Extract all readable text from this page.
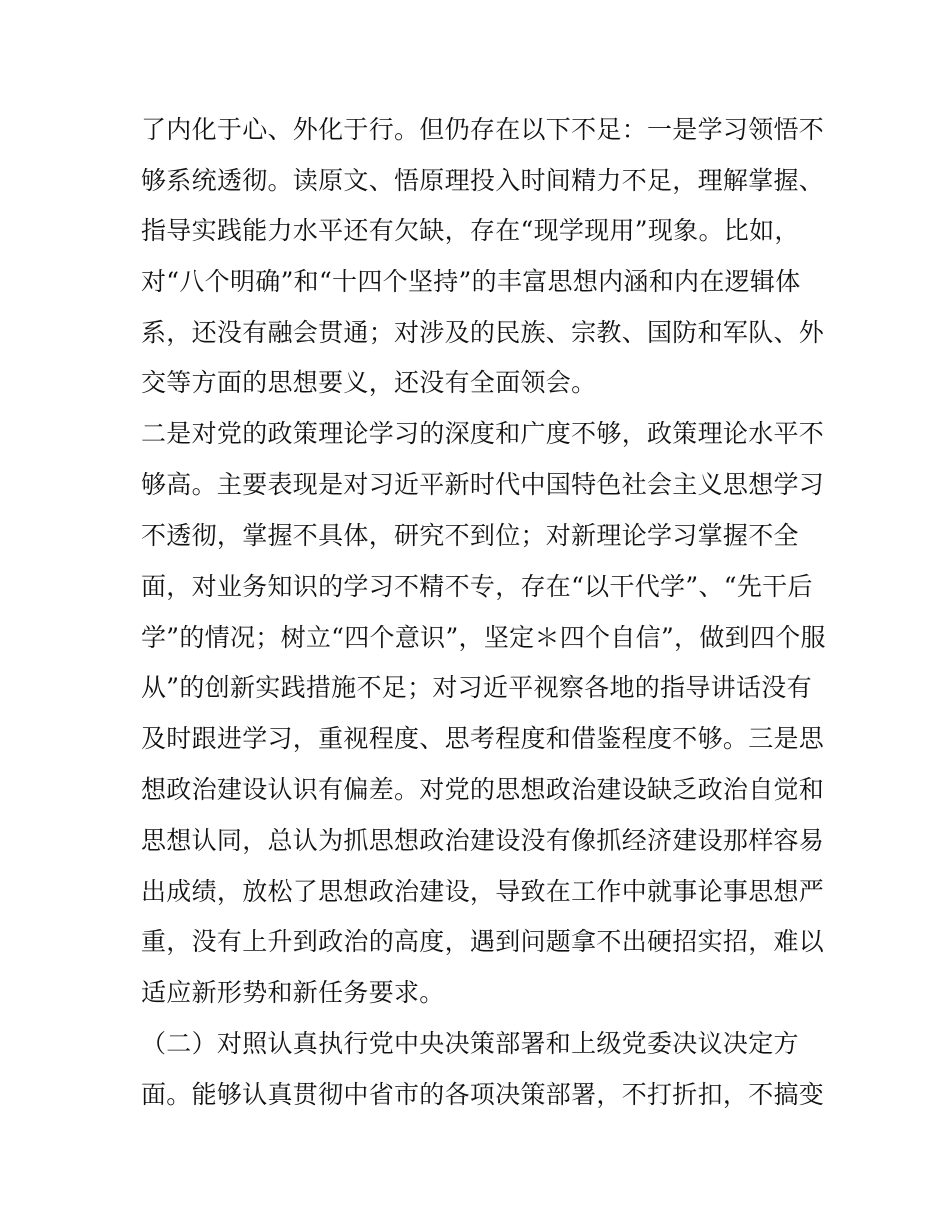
了内化于心、外化于行。但仍存在以下不足：一是学习领悟不
够系统透彻。读原文、悟原理投入时间精力不足，理解掌握、
指导实践能力水平还有欠缺，存在“现学现用”现象。比如，
对“八个明确”和“十四个坚持”的丰富思想内涵和内在逻辑体
系，还没有融会贯通；对涉及的民族、宗教、国防和军队、外
交等方面的思想要义，还没有全面领会。
二是对党的政策理论学习的深度和广度不够，政策理论水平不
够高。主要表现是对习近平新时代中国特色社会主义思想学习
不透彻，掌握不具体，研究不到位；对新理论学习掌握不全
面，对业务知识的学习不精不专，存在“以干代学”、“先干后
学”的情况；树立“四个意识”，坚定＊四个自信”，做到四个服
从”的创新实践措施不足；对习近平视察各地的指导讲话没有
及时跟进学习，重视程度、思考程度和借鉴程度不够。三是思
想政治建设认识有偏差。对党的思想政治建设缺乏政治自觉和
思想认同，总认为抓思想政治建设没有像抓经济建设那样容易
出成绩，放松了思想政治建设，导致在工作中就事论事思想严
重，没有上升到政治的高度，遇到问题拿不出硬招实招，难以
适应新形势和新任务要求。
（二）对照认真执行党中央决策部署和上级党委决议决定方
面。能够认真贯彻中省市的各项决策部署，不打折扣，不搞变
